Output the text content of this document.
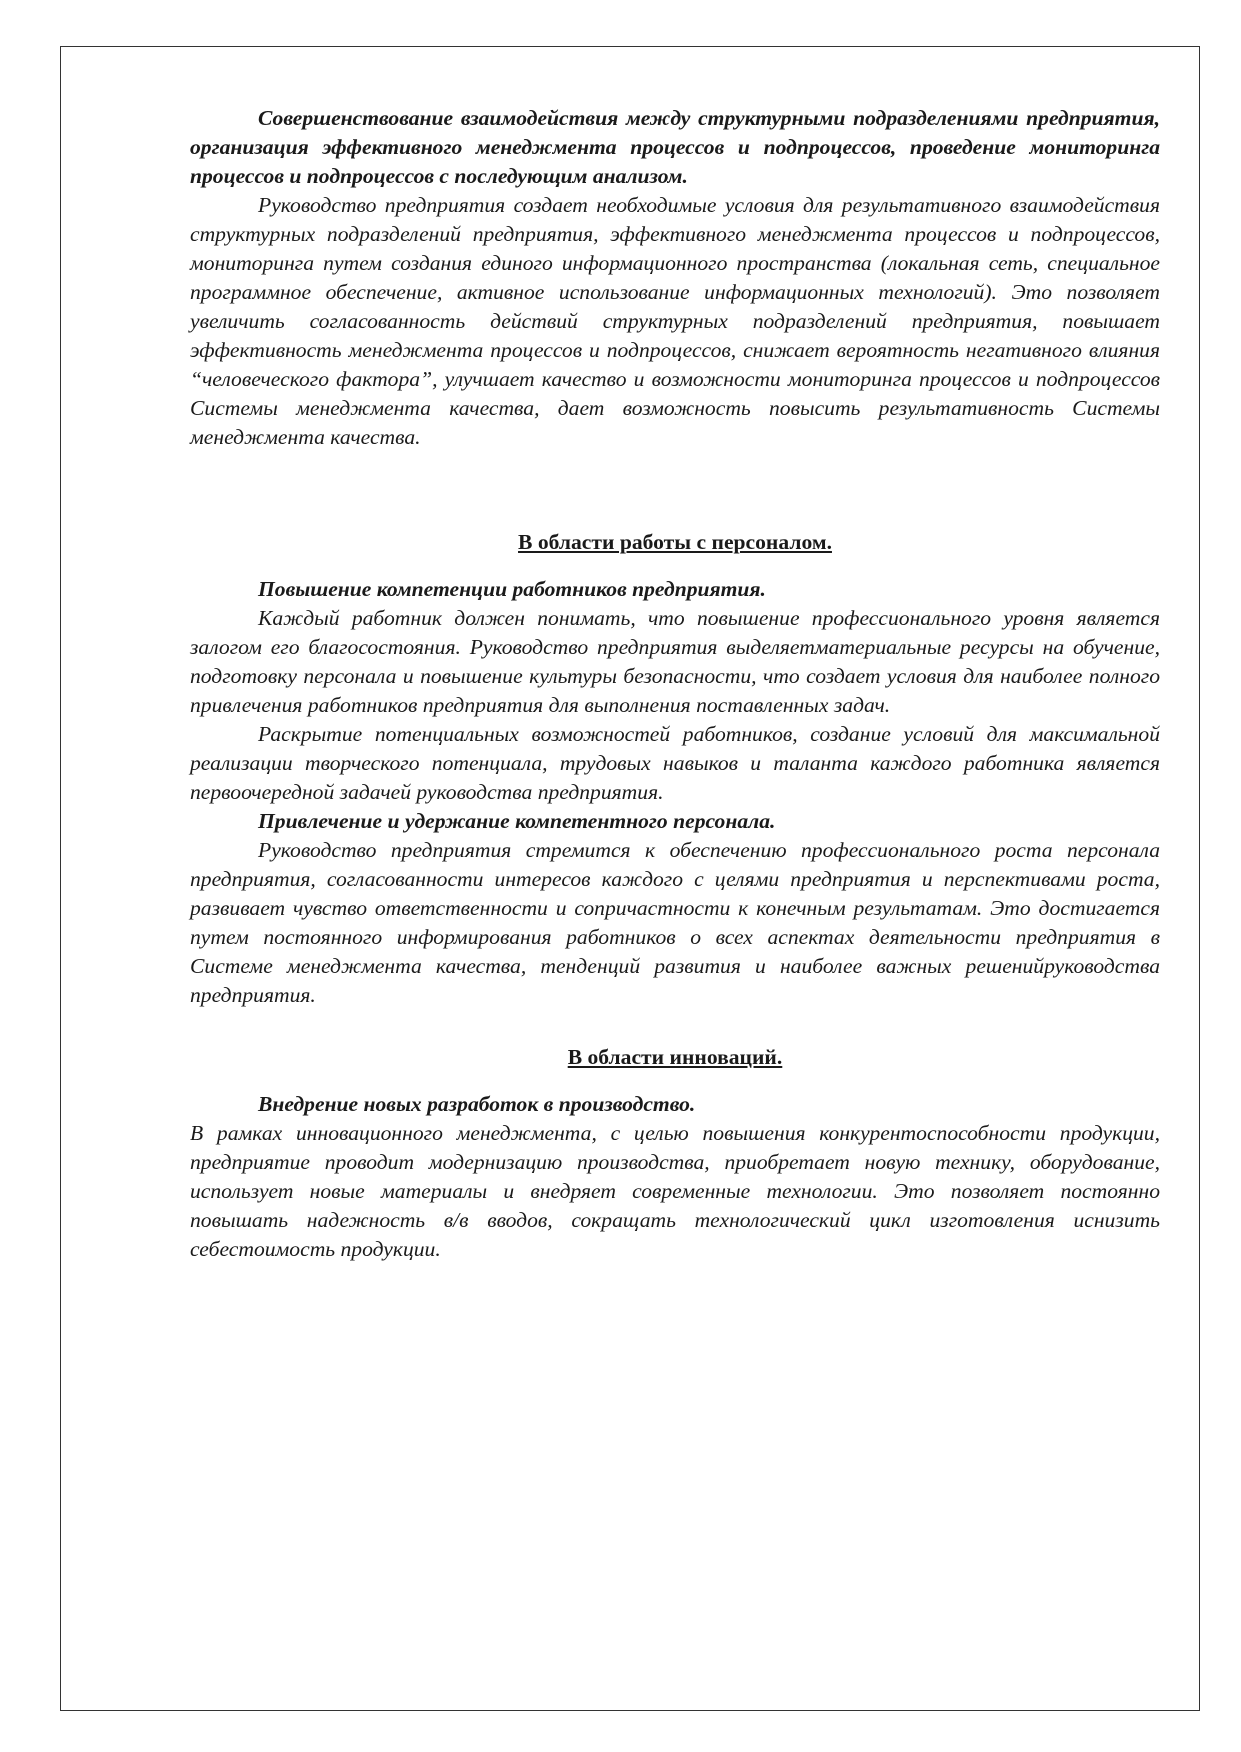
Совершенствование взаимодействия между структурными подразделениями предприятия, организация эффективного менеджмента процессов и подпроцессов, проведение мониторинга процессов и подпроцессов с последующим анализом.

Руководство предприятия создает необходимые условия для результативного взаимодействия структурных подразделений предприятия, эффективного менеджмента процессов и подпроцессов, мониторинга путем создания единого информационного пространства (локальная сеть, специальное программное обеспечение, активное использование информационных технологий). Это позволяет увеличить согласованность действий структурных подразделений предприятия, повышает эффективность менеджмента процессов и подпроцессов, снижает вероятность негативного влияния “человеческого фактора”, улучшает качество и возможности мониторинга процессов и подпроцессов Системы менеджмента качества, дает возможность повысить результативность Системы менеджмента качества.

В области работы с персоналом.

Повышение компетенции работников предприятия.

Каждый работник должен понимать, что повышение профессионального уровня является залогом его благосостояния. Руководство предприятия выделяетматериальные ресурсы на обучение, подготовку персонала и повышение культуры безопасности, что создает условия для наиболее полного привлечения работников предприятия для выполнения поставленных задач.

Раскрытие потенциальных возможностей работников, создание условий для максимальной реализации творческого потенциала, трудовых навыков и таланта каждого работника является первоочередной задачей руководства предприятия.

Привлечение и удержание компетентного персонала.

Руководство предприятия стремится к обеспечению профессионального роста персонала предприятия, согласованности интересов каждого с целями предприятия и перспективами роста, развивает чувство ответственности и сопричастности к конечным результатам. Это достигается путем постоянного информирования работников о всех аспектах деятельности предприятия в Системе менеджмента качества, тенденций развития и наиболее важных решенийруководства предприятия.

В области инноваций.

Внедрение новых разработок в производство.

В рамках инновационного менеджмента, с целью повышения конкурентоспособности продукции, предприятие проводит модернизацию производства, приобретает новую технику, оборудование, использует новые материалы и внедряет современные технологии. Это позволяет постоянно повышать надежность в/в вводов, сокращать технологический цикл изготовления иснизить себестоимость продукции.
